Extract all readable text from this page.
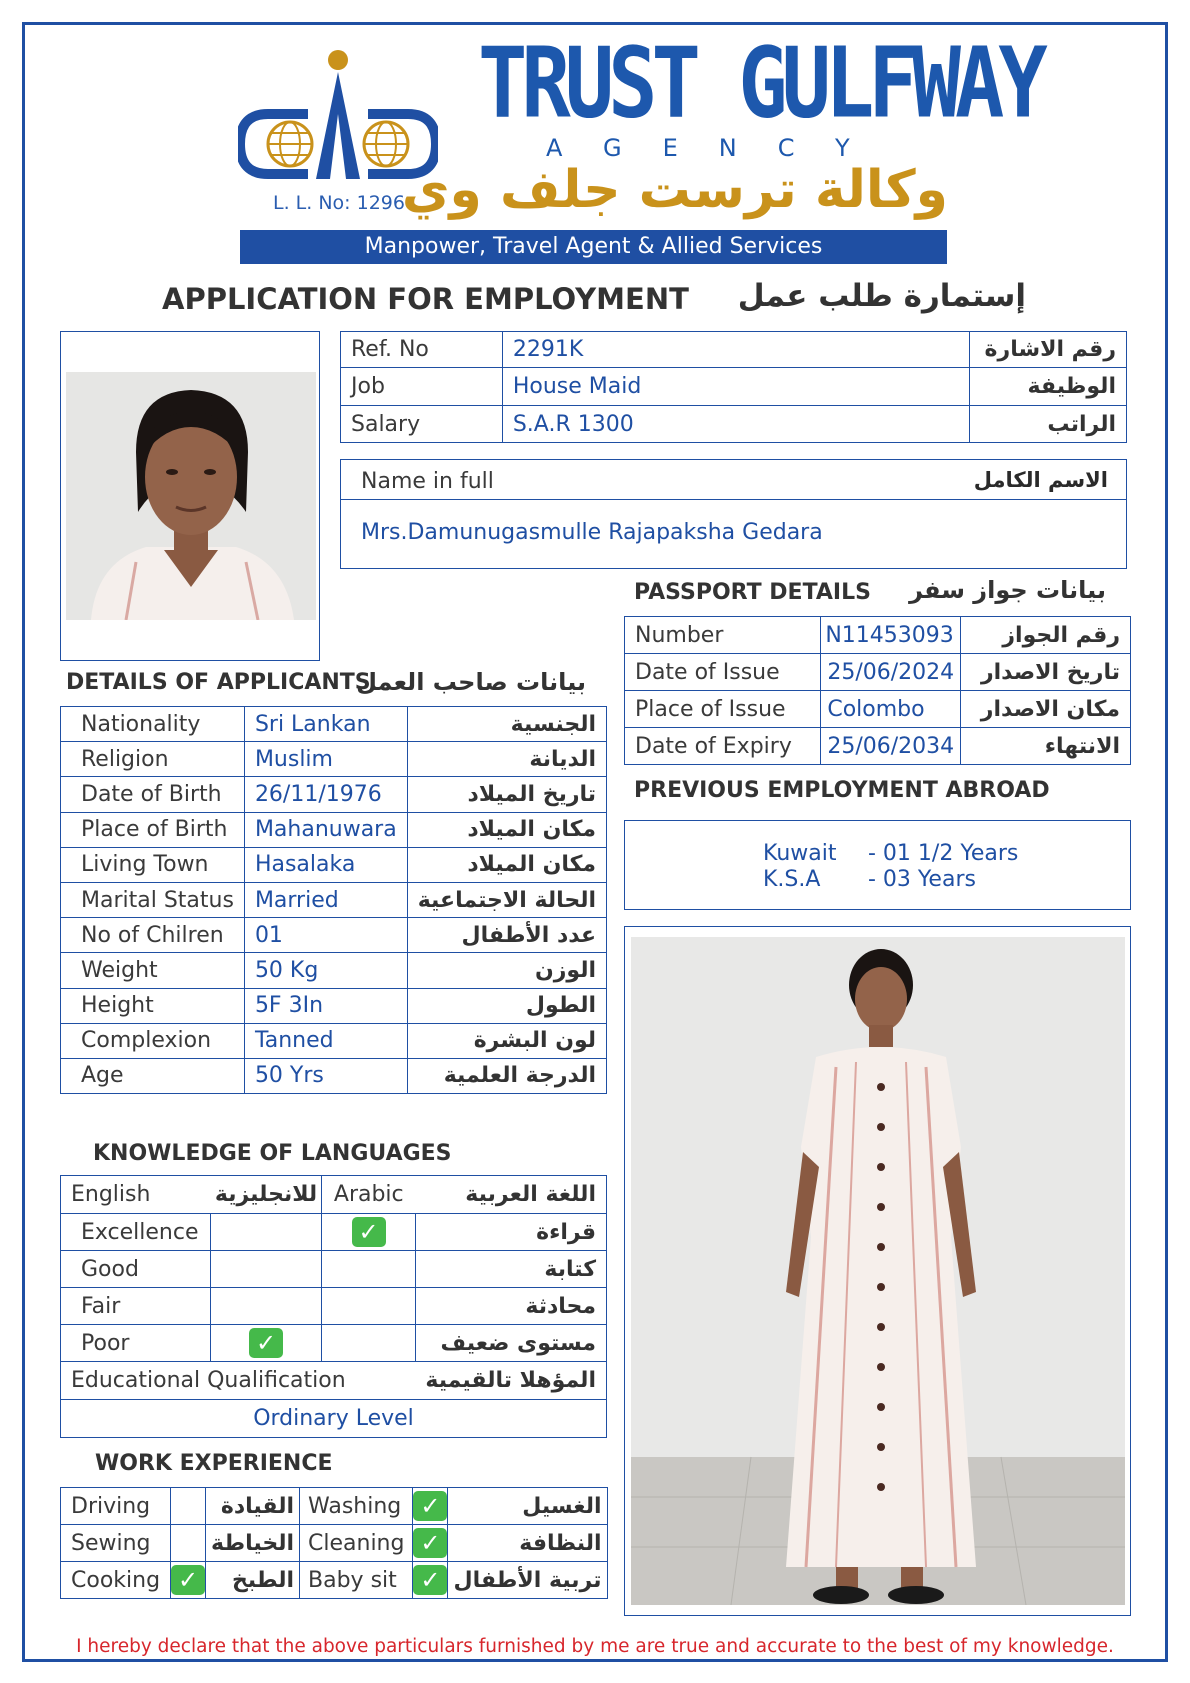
L. L. No: 1296
TRUST GULFWAY
AGENCY
وكالة ترست جلف وي
Manpower, Travel Agent & Allied Services
APPLICATION FOR EMPLOYMENT إستمارة طلب عمل
Ref. No	2291K	رقم الاشارة
Job	House Maid	الوظيفة
Salary	S.A.R 1300	الراتب
Name in full	الاسم الكامل
Mrs.Damunugasmulle Rajapaksha Gedara
PASSPORT DETAILS	بيانات جواز سفر
Number	N11453093	رقم الجواز
Date of Issue	25/06/2024	تاريخ الاصدار
Place of Issue	Colombo	مكان الاصدار
Date of Expiry	25/06/2034	الانتهاء
PREVIOUS EMPLOYMENT ABROAD
Kuwait - 01 1/2 Years
K.S.A - 03 Years
DETAILS OF APPLICANTS
بيانات صاحب العمل
Nationality	Sri Lankan	الجنسية
Religion	Muslim	الديانة
Date of Birth	26/11/1976	تاريخ الميلاد
Place of Birth	Mahanuwara	مكان الميلاد
Living Town	Hasalaka	مكان الميلاد
Marital Status	Married	الحالة الاجتماعية
No of Chilren	01	عدد الأطفال
Weight	50 Kg	الوزن
Height	5F 3In	الطول
Complexion	Tanned	لون البشرة
Age	50 Yrs	الدرجة العلمية
KNOWLEDGE OF LANGUAGES
English	للانجليزية	Arabic	اللغة العربية
Excellence		✓	قراءة
Good			كتابة
Fair			محادثة
Poor	✓		مستوى ضعيف
Educational Qualification			المؤهلا تالقيمية
Ordinary Level			
WORK EXPERIENCE
Driving		القيادة	Washing	✓	الغسيل
Sewing		الخياطة	Cleaning	✓	النظافة
Cooking	✓	الطبخ	Baby sit	✓	تربية الأطفال
I hereby declare that the above particulars furnished by me are true and accurate to the best of my knowledge.
